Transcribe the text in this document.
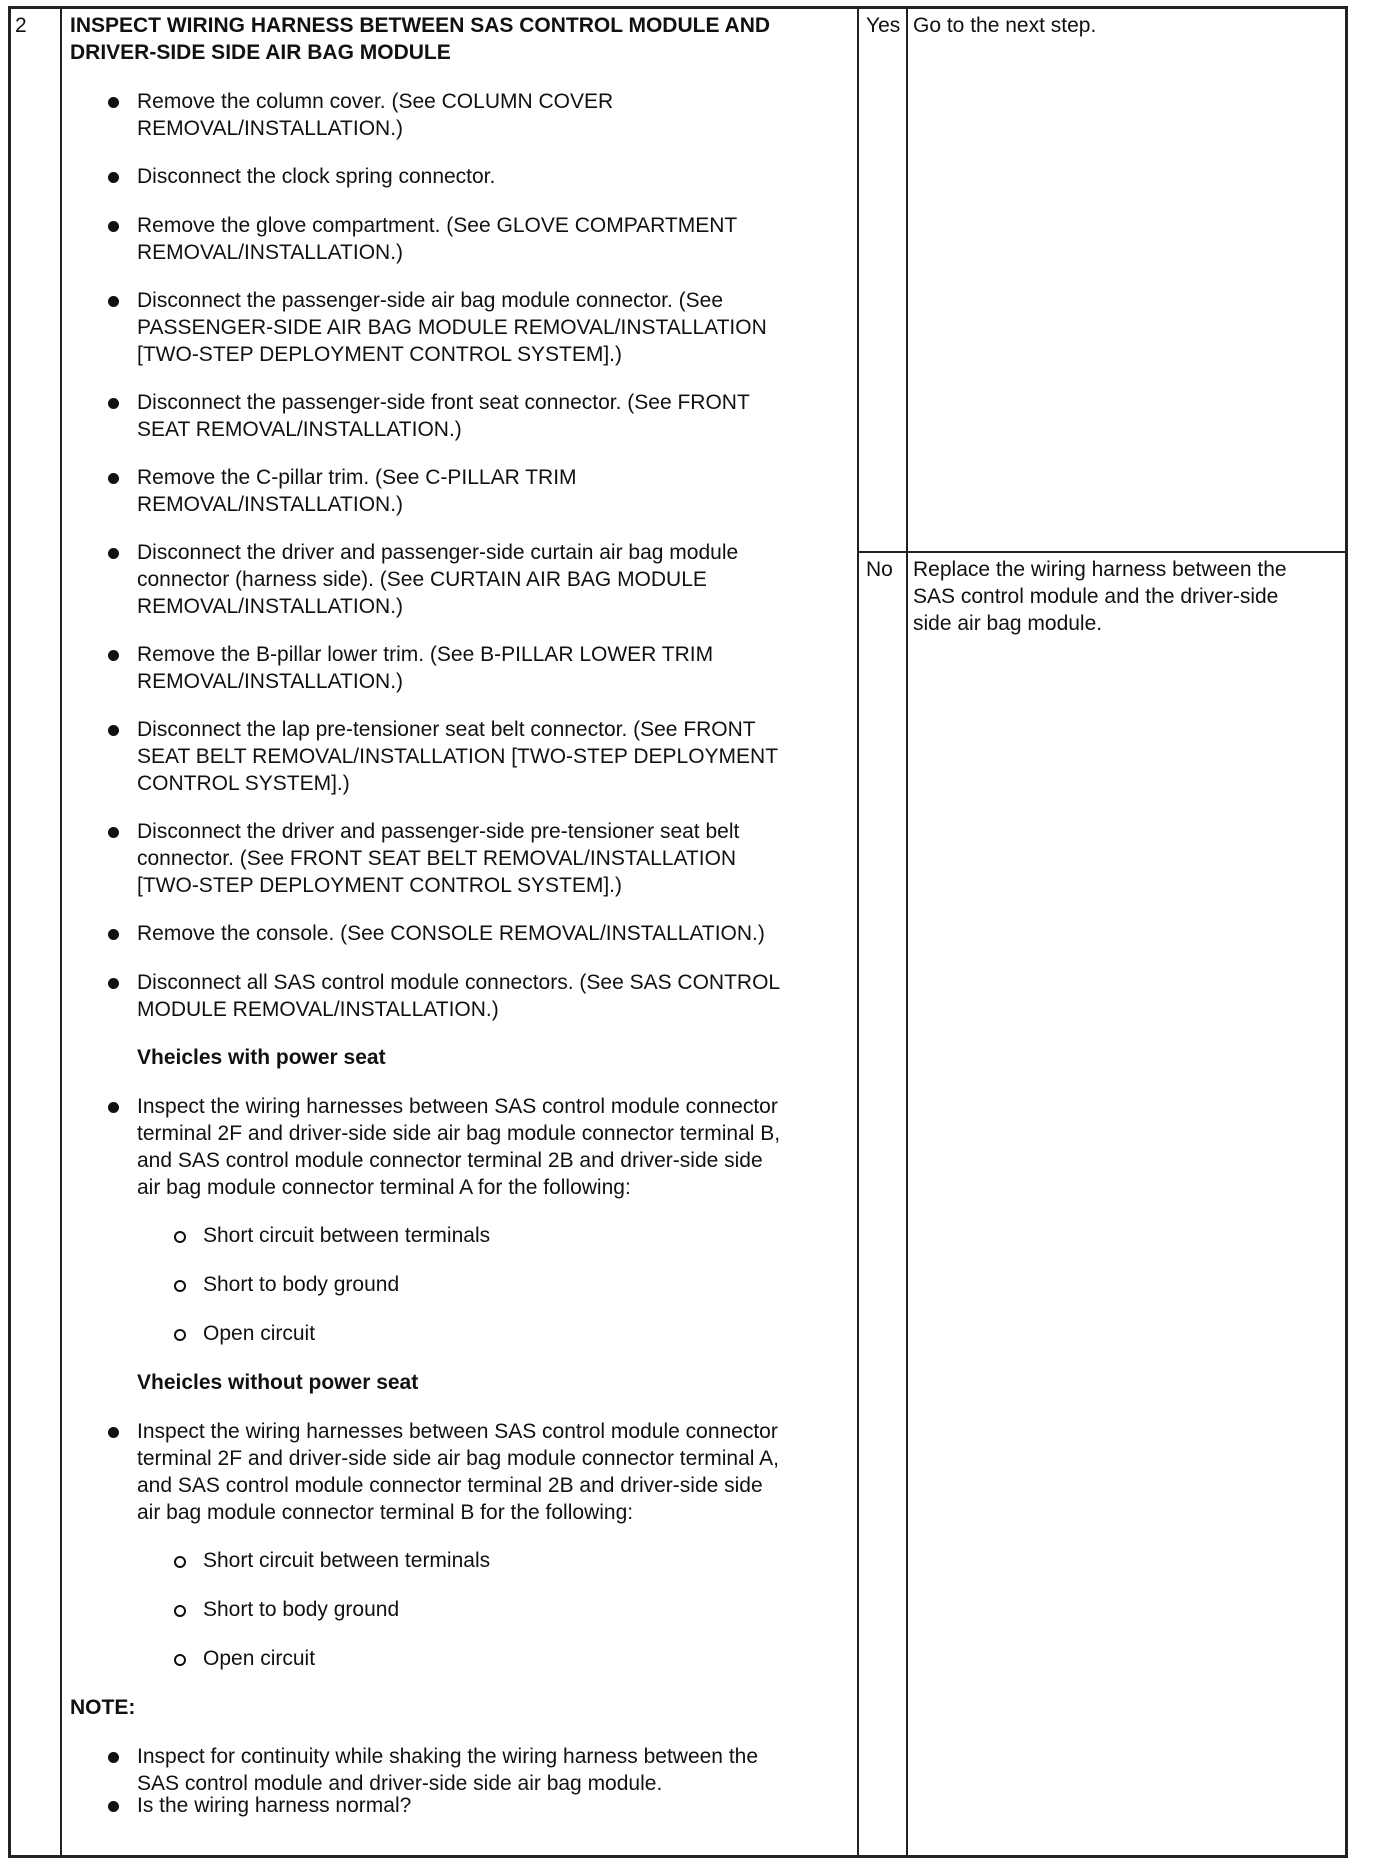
2 INSPECT WIRING HARNESS BETWEEN SAS CONTROL MODULE AND
DRIVER-SIDE SIDE AIR BAG MODULE
Yes Go to the next step.
No Replace the wiring harness between the
SAS control module and the driver-side
side air bag module.
Remove the column cover. (See COLUMN COVER
REMOVAL/INSTALLATION.)
Disconnect the clock spring connector.
Remove the glove compartment. (See GLOVE COMPARTMENT
REMOVAL/INSTALLATION.)
Disconnect the passenger-side air bag module connector. (See
PASSENGER-SIDE AIR BAG MODULE REMOVAL/INSTALLATION
[TWO-STEP DEPLOYMENT CONTROL SYSTEM].)
Disconnect the passenger-side front seat connector. (See FRONT
SEAT REMOVAL/INSTALLATION.)
Remove the C-pillar trim. (See C-PILLAR TRIM
REMOVAL/INSTALLATION.)
Disconnect the driver and passenger-side curtain air bag module
connector (harness side). (See CURTAIN AIR BAG MODULE
REMOVAL/INSTALLATION.)
Remove the B-pillar lower trim. (See B-PILLAR LOWER TRIM
REMOVAL/INSTALLATION.)
Disconnect the lap pre-tensioner seat belt connector. (See FRONT
SEAT BELT REMOVAL/INSTALLATION [TWO-STEP DEPLOYMENT
CONTROL SYSTEM].)
Disconnect the driver and passenger-side pre-tensioner seat belt
connector. (See FRONT SEAT BELT REMOVAL/INSTALLATION
[TWO-STEP DEPLOYMENT CONTROL SYSTEM].)
Remove the console. (See CONSOLE REMOVAL/INSTALLATION.)
Disconnect all SAS control module connectors. (See SAS CONTROL
MODULE REMOVAL/INSTALLATION.)
Vheicles with power seat
Inspect the wiring harnesses between SAS control module connector
terminal 2F and driver-side side air bag module connector terminal B,
and SAS control module connector terminal 2B and driver-side side
air bag module connector terminal A for the following:
Short circuit between terminals
Short to body ground
Open circuit
Vheicles without power seat
Inspect the wiring harnesses between SAS control module connector
terminal 2F and driver-side side air bag module connector terminal A,
and SAS control module connector terminal 2B and driver-side side
air bag module connector terminal B for the following:
Short circuit between terminals
Short to body ground
Open circuit
NOTE:
Inspect for continuity while shaking the wiring harness between the
SAS control module and driver-side side air bag module.
Is the wiring harness normal?
